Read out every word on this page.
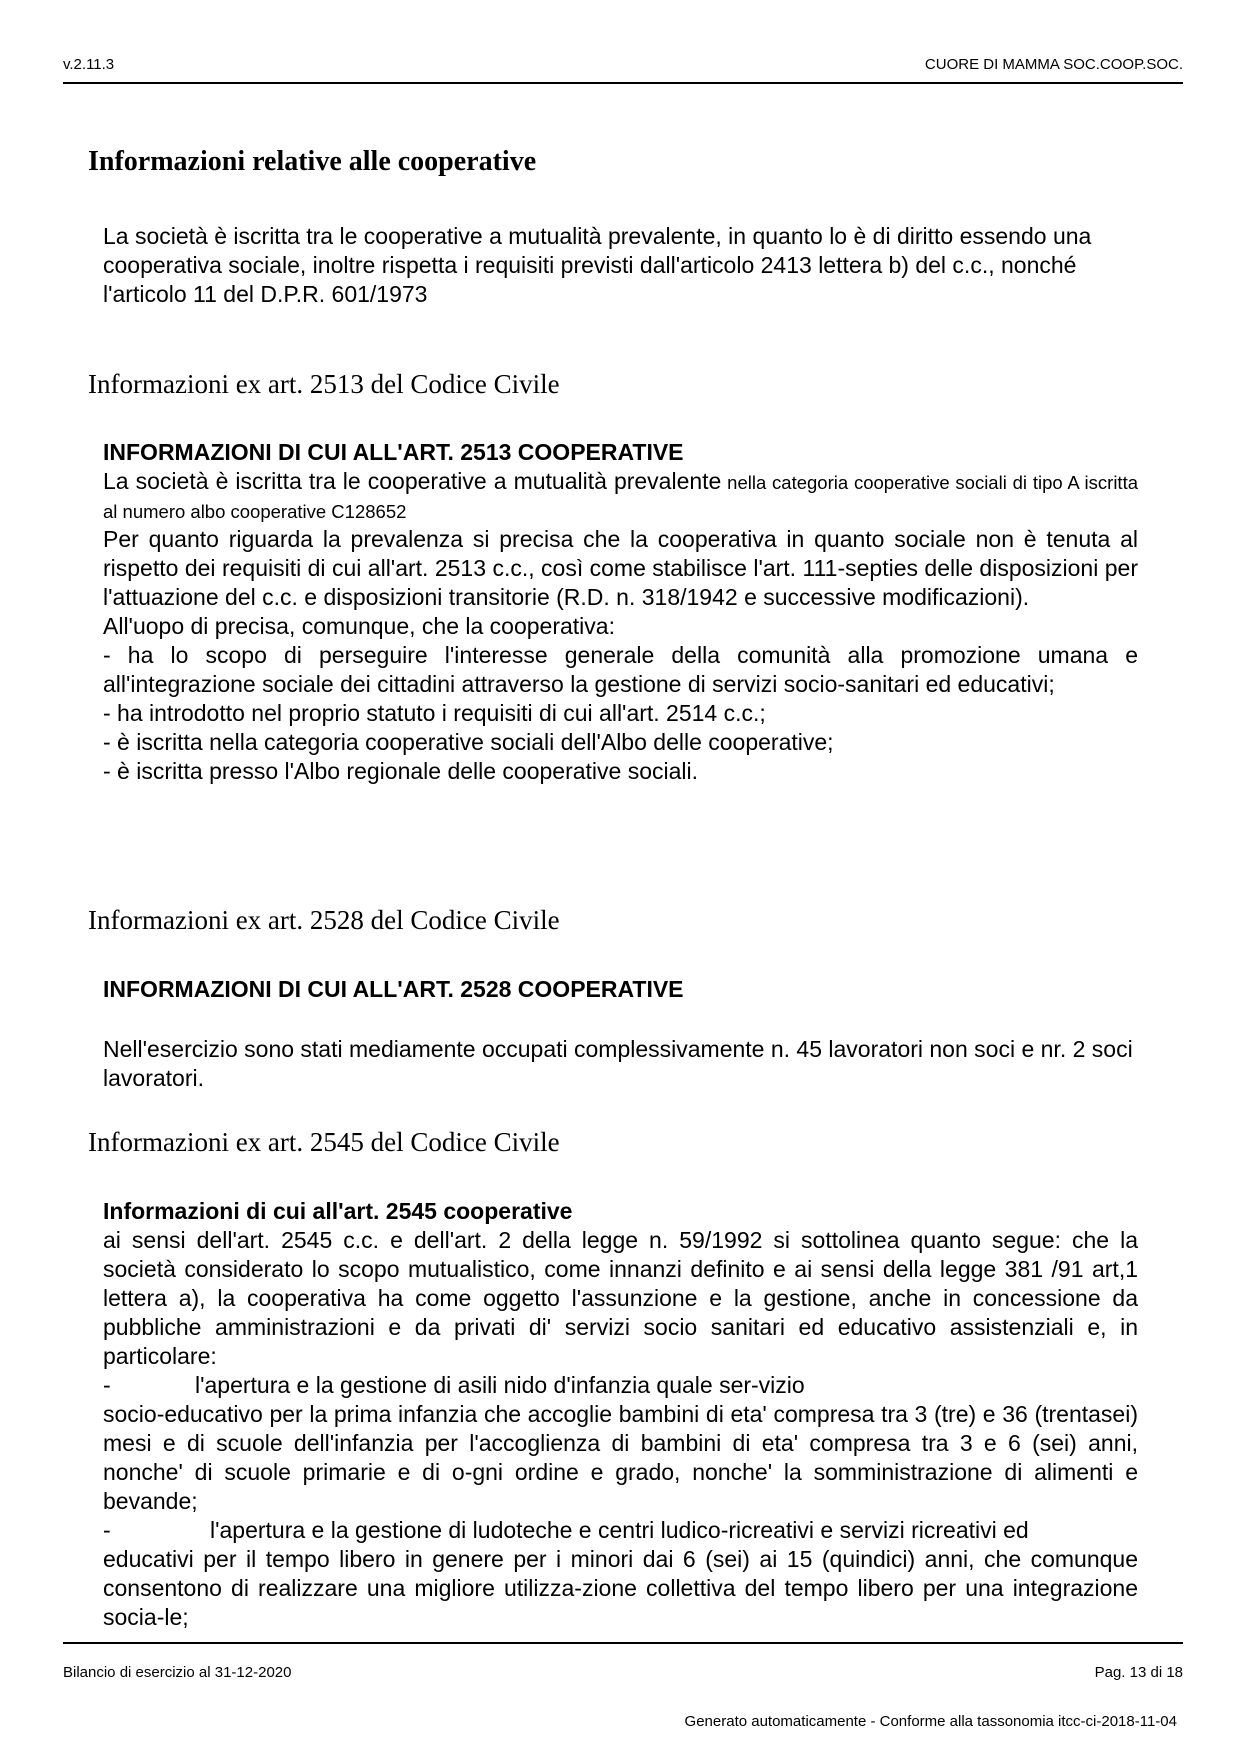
v.2.11.3	CUORE DI MAMMA SOC.COOP.SOC.
Informazioni relative alle cooperative

La società è iscritta tra le cooperative a mutualità prevalente, in quanto lo è di diritto essendo una cooperativa sociale, inoltre rispetta i requisiti previsti dall'articolo 2413 lettera b) del c.c., nonché l'articolo 11 del D.P.R. 601/1973

Informazioni ex art. 2513 del Codice Civile

INFORMAZIONI DI CUI ALL'ART. 2513 COOPERATIVE

La società è iscritta tra le cooperative a mutualità prevalente nella categoria cooperative sociali di tipo A iscritta al numero albo cooperative C128652

Per quanto riguarda la prevalenza si precisa che la cooperativa in quanto sociale non è tenuta al rispetto dei requisiti di cui all'art. 2513 c.c., così come stabilisce l'art. 111-septies delle disposizioni per l'attuazione del c.c. e disposizioni transitorie (R.D. n. 318/1942 e successive modificazioni).

All'uopo di precisa, comunque, che la cooperativa:

- ha lo scopo di perseguire l'interesse generale della comunità alla promozione umana e all'integrazione sociale dei cittadini attraverso la gestione di servizi socio-sanitari ed educativi;

- ha introdotto nel proprio statuto i requisiti di cui all'art. 2514 c.c.;

- è iscritta nella categoria cooperative sociali dell'Albo delle cooperative;

- è iscritta presso l'Albo regionale delle cooperative sociali.

Informazioni ex art. 2528 del Codice Civile

INFORMAZIONI DI CUI ALL'ART. 2528 COOPERATIVE

Nell'esercizio sono stati mediamente occupati complessivamente n. 45 lavoratori non soci e nr. 2 soci lavoratori.

Informazioni ex art. 2545 del Codice Civile

Informazioni di cui all'art. 2545 cooperative

ai sensi dell'art. 2545 c.c. e dell'art. 2 della legge n. 59/1992 si sottolinea quanto segue: che la società considerato lo scopo mutualistico, come innanzi definito e ai sensi della legge 381 /91 art,1 lettera a), la cooperativa ha come oggetto l'assunzione e la gestione, anche in concessione da pubbliche amministrazioni e da privati di' servizi socio sanitari ed educativo assistenziali e, in particolare:

-	l'apertura e la gestione di asili nido d'infanzia quale ser-vizio

socio-educativo per la prima infanzia che accoglie bambini di eta' compresa tra 3 (tre) e 36 (trentasei) mesi e di scuole dell'infanzia per l'accoglienza di bambini di eta' compresa tra 3 e 6 (sei) anni, nonche' di scuole primarie e di o-gni ordine e grado, nonche' la somministrazione di alimenti e bevande;

-	l'apertura e la gestione di ludoteche e centri ludico-ricreativi e servizi ricreativi ed

educativi per il tempo libero in genere per i minori dai 6 (sei) ai 15 (quindici) anni, che comunque consentono di realizzare una migliore utilizza-zione collettiva del tempo libero per una integrazione socia-le;

Bilancio di esercizio al 31-12-2020	Pag. 13 di 18
Generato automaticamente - Conforme alla tassonomia itcc-ci-2018-11-04
